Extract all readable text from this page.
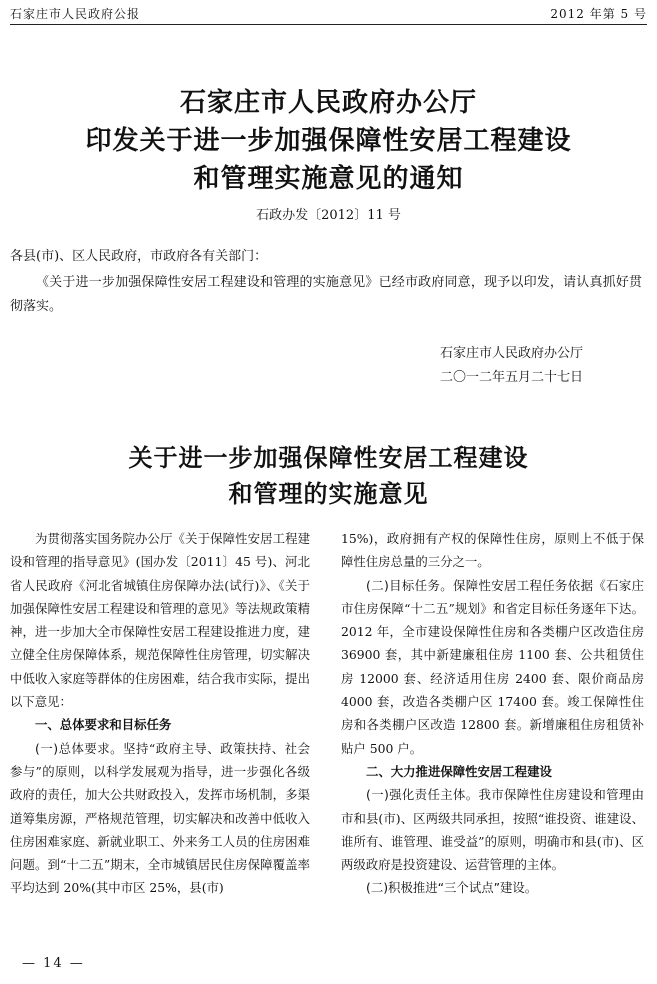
石家庄市人民政府公报	2012 年第 5 号
石家庄市人民政府办公厅
印发关于进一步加强保障性安居工程建设
和管理实施意见的通知
石政办发〔2012〕11 号
各县(市)、区人民政府，市政府各有关部门：
《关于进一步加强保障性安居工程建设和管理的实施意见》已经市政府同意，现予以印发，请认真抓好贯彻落实。
石家庄市人民政府办公厅
二〇一二年五月二十七日
关于进一步加强保障性安居工程建设
和管理的实施意见

为贯彻落实国务院办公厅《关于保障性安居工程建设和管理的指导意见》(国办发〔2011〕45 号)、河北省人民政府《河北省城镇住房保障办法(试行)》、《关于加强保障性安居工程建设和管理的意见》等法规政策精神，进一步加大全市保障性安居工程建设推进力度，建立健全住房保障体系，规范保障性住房管理，切实解决中低收入家庭等群体的住房困难，结合我市实际，提出以下意见：

一、总体要求和目标任务

(一)总体要求。坚持“政府主导、政策扶持、社会参与”的原则，以科学发展观为指导，进一步强化各级政府的责任，加大公共财政投入，发挥市场机制，多渠道筹集房源，严格规范管理，切实解决和改善中低收入住房困难家庭、新就业职工、外来务工人员的住房困难问题。到“十二五”期末，全市城镇居民住房保障覆盖率平均达到 20%(其中市区 25%，县(市)

15%)，政府拥有产权的保障性住房，原则上不低于保障性住房总量的三分之一。

(二)目标任务。保障性安居工程任务依据《石家庄市住房保障“十二五”规划》和省定目标任务逐年下达。2012 年，全市建设保障性住房和各类棚户区改造住房 36900 套，其中新建廉租住房 1100 套、公共租赁住房 12000 套、经济适用住房 2400 套、限价商品房 4000 套，改造各类棚户区 17400 套。竣工保障性住房和各类棚户区改造 12800 套。新增廉租住房租赁补贴户 500 户。

二、大力推进保障性安居工程建设

(一)强化责任主体。我市保障性住房建设和管理由市和县(市)、区两级共同承担，按照“谁投资、谁建设、谁所有、谁管理、谁受益”的原则，明确市和县(市)、区两级政府是投资建设、运营管理的主体。

(二)积极推进“三个试点”建设。

— 14 —
